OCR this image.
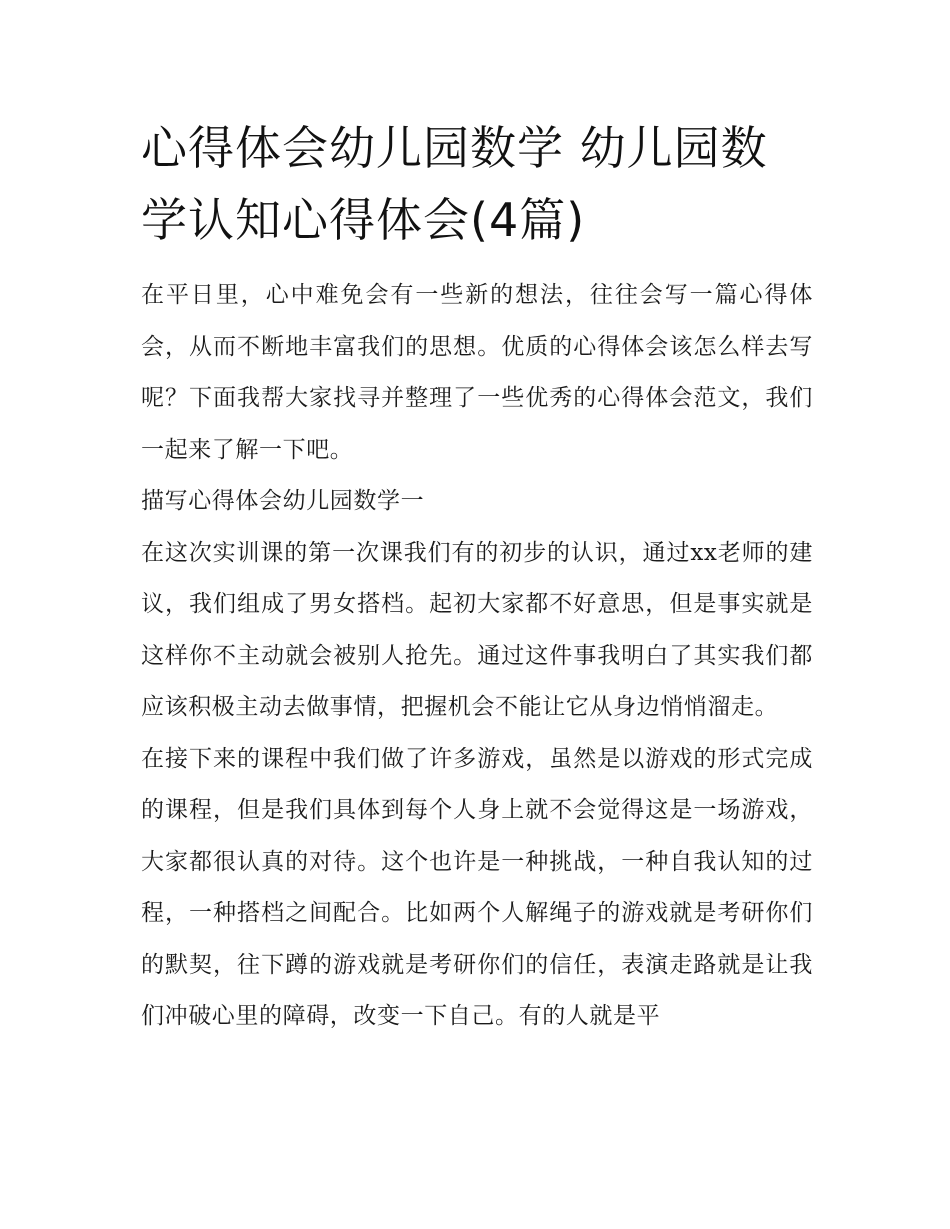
心得体会幼儿园数学 幼儿园数学认知心得体会(4篇)

在平日里，心中难免会有一些新的想法，往往会写一篇心得体会，从而不断地丰富我们的思想。优质的心得体会该怎么样去写呢？下面我帮大家找寻并整理了一些优秀的心得体会范文，我们一起来了解一下吧。

描写心得体会幼儿园数学一

在这次实训课的第一次课我们有的初步的认识，通过xx老师的建议，我们组成了男女搭档。起初大家都不好意思，但是事实就是这样你不主动就会被别人抢先。通过这件事我明白了其实我们都应该积极主动去做事情，把握机会不能让它从身边悄悄溜走。

在接下来的课程中我们做了许多游戏，虽然是以游戏的形式完成的课程，但是我们具体到每个人身上就不会觉得这是一场游戏，大家都很认真的对待。这个也许是一种挑战，一种自我认知的过程，一种搭档之间配合。比如两个人解绳子的游戏就是考研你们的默契，往下蹲的游戏就是考研你们的信任，表演走路就是让我们冲破心里的障碍，改变一下自己。有的人就是平
